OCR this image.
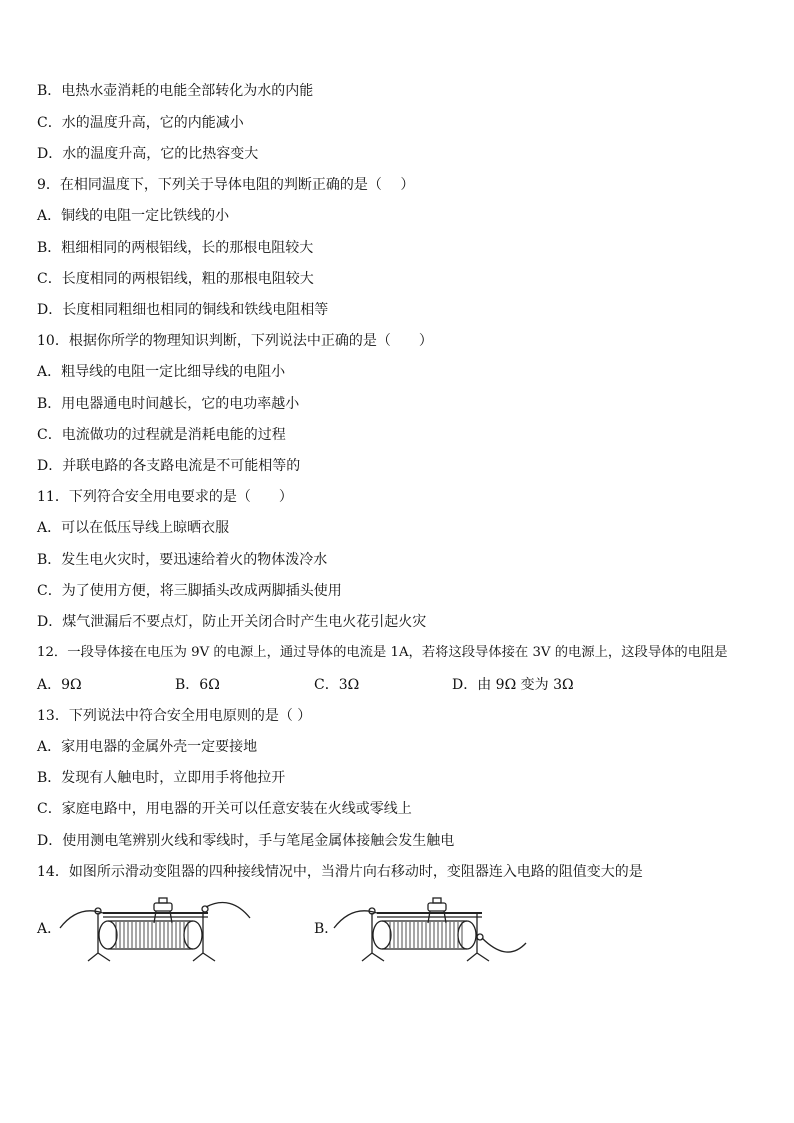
B．电热水壶消耗的电能全部转化为水的内能
C．水的温度升高，它的内能减小
D．水的温度升高，它的比热容变大
9．在相同温度下，下列关于导体电阻的判断正确的是（　 ）
A．铜线的电阻一定比铁线的小
B．粗细相同的两根铝线，长的那根电阻较大
C．长度相同的两根铝线，粗的那根电阻较大
D．长度相同粗细也相同的铜线和铁线电阻相等
10．根据你所学的物理知识判断，下列说法中正确的是（　　）
A．粗导线的电阻一定比细导线的电阻小
B．用电器通电时间越长，它的电功率越小
C．电流做功的过程就是消耗电能的过程
D．并联电路的各支路电流是不可能相等的
11．下列符合安全用电要求的是（　　）
A．可以在低压导线上晾晒衣服
B．发生电火灾时，要迅速给着火的物体泼冷水
C．为了使用方便，将三脚插头改成两脚插头使用
D．煤气泄漏后不要点灯，防止开关闭合时产生电火花引起火灾
12．一段导体接在电压为 9V 的电源上，通过导体的电流是 1A，若将这段导体接在 3V 的电源上，这段导体的电阻是
A．9Ω	B．6Ω	C．3Ω	D．由 9Ω 变为 3Ω
13．下列说法中符合安全用电原则的是（ ）
A．家用电器的金属外壳一定要接地
B．发现有人触电时，立即用手将他拉开
C．家庭电路中，用电器的开关可以任意安装在火线或零线上
D．使用测电笔辨别火线和零线时，手与笔尾金属体接触会发生触电
14．如图所示滑动变阻器的四种接线情况中，当滑片向右移动时，变阻器连入电路的阻值变大的是
A．	B．
